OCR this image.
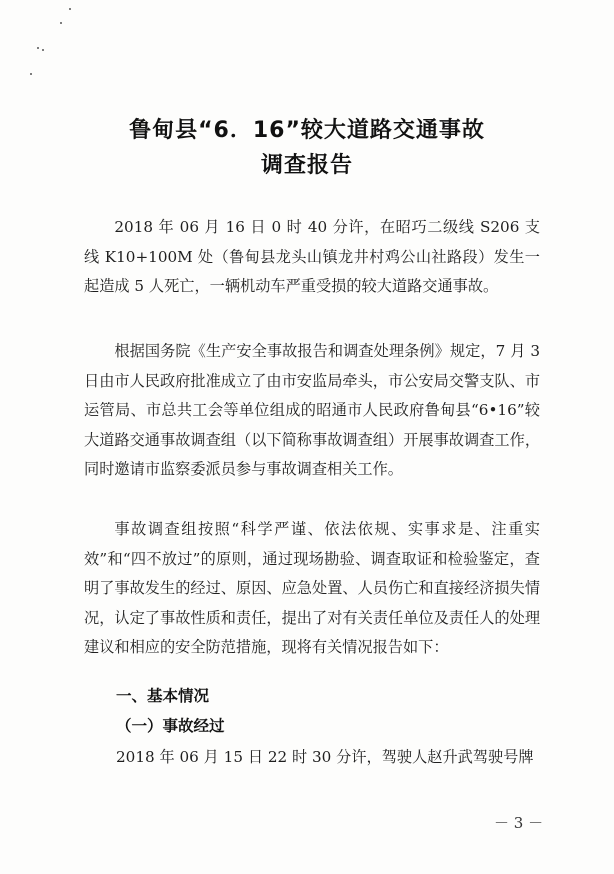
鲁甸县“6．16”较大道路交通事故
调查报告

2018 年 06 月 16 日 0 时 40 分许，在昭巧二级线 S206 支线 K10+100M 处（鲁甸县龙头山镇龙井村鸡公山社路段）发生一起造成 5 人死亡，一辆机动车严重受损的较大道路交通事故。

根据国务院《生产安全事故报告和调查处理条例》规定，7 月 3 日由市人民政府批准成立了由市安监局牵头，市公安局交警支队、市运管局、市总共工会等单位组成的昭通市人民政府鲁甸县“6•16”较大道路交通事故调查组（以下简称事故调查组）开展事故调查工作，同时邀请市监察委派员参与事故调查相关工作。

事故调查组按照“科学严谨、依法依规、实事求是、注重实效”和“四不放过”的原则，通过现场勘验、调查取证和检验鉴定，查明了事故发生的经过、原因、应急处置、人员伤亡和直接经济损失情况，认定了事故性质和责任，提出了对有关责任单位及责任人的处理建议和相应的安全防范措施，现将有关情况报告如下：

一、基本情况
（一）事故经过
2018 年 06 月 15 日 22 时 30 分许，驾驶人赵升武驾驶号牌
－ 3 －
